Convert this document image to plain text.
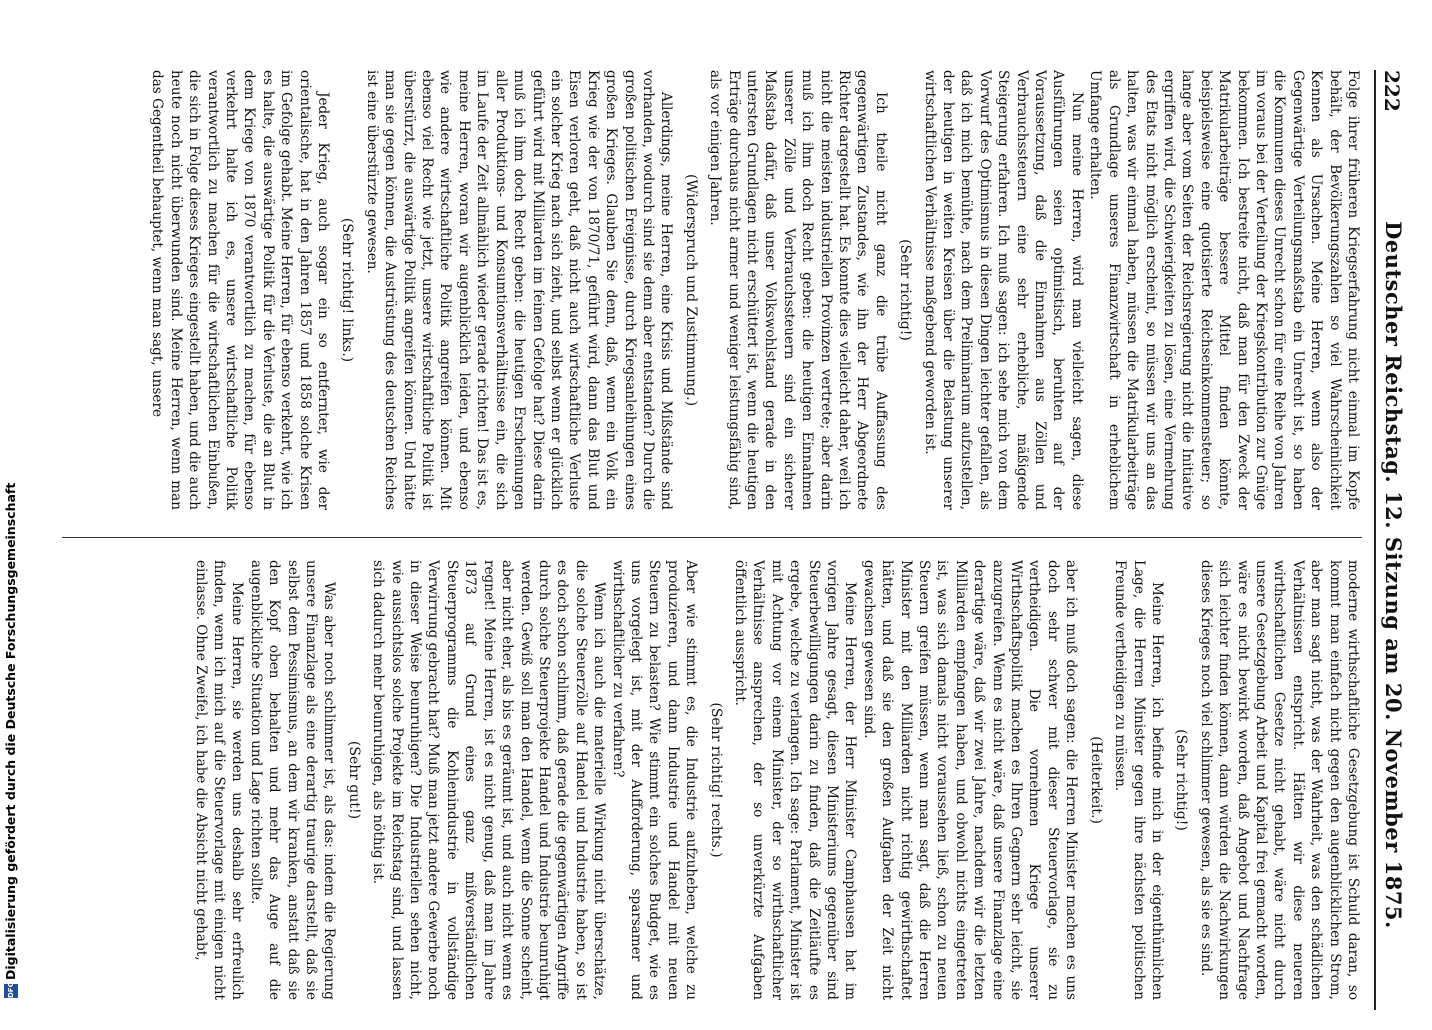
222
Deutscher Reichstag. 12. Sitzung am 20. November 1875.

Folge ihrer früheren Kriegserfahrung nicht einmal im Kopfe behält, der Bevölkerungszahlen so viel Wahrscheinlichkeit Kennen als Ursachen. Meine Herren, wenn also der Gegenwärtige Verteilungsmaßstab ein Unrecht ist, so haben die Kommunen dieses Unrecht schon für eine Reihe von Jahren im voraus bei der Verteilung der Kriegskontribution zur Gnüge bekommen. Ich bestreite nicht, daß man für den Zweck der Matrikularbeiträge bessere Mittel finden könnte, beispielsweise eine quotisierte Reichseinkommensteuer; so lange aber vom Seiten der Reichsregierung nicht die Initiative ergriffen wird, die Schwierigkeiten zu lösen, eine Vermehrung des Etats nicht möglich erscheint, so müssen wir uns an das halten, was wir einmal haben, müssen die Matrikularbeiträge als Grundlage unseres Finanzwirtschaft in erheblichem Umfange erhalten.

Nun meine Herren, wird man vielleicht sagen, diese Ausführungen seien optimistisch, beruhten auf der Voraussetzung, daß die Einnahmen aus Zöllen und Verbrauchssteuern eine sehr erhebliche, mäßigende Steigerung erfahren. Ich muß sagen: ich sehe mich von dem Vorwurf des Optimismus in diesen Dingen leichter gefallen, als daß ich mich bemühte, nach dem Preliminarium aufzustellen, der heutigen in weiten Kreisen über die Belastung unserer wirtschaftlichen Verhältnisse maßgebend geworden ist.

(Sehr richtig!)

Ich theile nicht ganz die trübe Auffassung des gegenwärtigen Zustandes, wie ihn der Herr Abgeordnete Richter dargestellt hat. Es konnte dies vielleicht daher, weil ich nicht die meisten industriellen Provinzen vertrete; aber darin muß ich ihm doch Recht geben: die heutigen Einnahmen unserer Zölle und Verbrauchssteuern sind ein sicherer Maßstab dafür, daß unser Volkswohlstand gerade in den untersten Grundlagen nicht erschüttert ist, wenn die heutigen Erträge durchaus nicht armer und weniger leistungsfähig sind, als vor einigen Jahren.

(Widerspruch und Zustimmung.)

Allerdings, meine Herren, eine Krisis und Mißstände sind vorhanden, wodurch sind sie denn aber entstanden? Durch die großen politischen Ereignisse, durch Kriegsanleihungen eines großen Krieges. Glauben Sie denn, daß, wenn ein Volk ein Krieg wie der von 1870/71, geführt wird, dann das Blut und Eisen verloren geht, daß nicht auch wirtschaftliche Verluste ein solcher Krieg nach sich zieht, und selbst wenn er glücklich geführt wird mit Milliarden im feinen Gefolge hat? Diese darin muß ich ihm doch Recht geben: die heutigen Erscheinungen aller Produktions- und Konsumtionsverhältnisse ein, die sich im Laufe der Zeit allmählich wieder gerade richten! Das ist es, meine Herren, woran wir augenblicklich leiden, und ebenso wie andere wirtschaftliche Politik angreifen können. Mit ebenso viel Recht wie jetzt, unsere wirtschaftliche Politik ist überstürzt, die auswärtige Politik angreifen können. Und hätte man sie gegen können, die Austrüstung des deutschen Reiches ist eine überstürzte gewesen.

(Sehr richtig! links.)

Jeder Krieg, auch sogar ein so entfernter, wie der orientalische, hat in den Jahren 1857 und 1858 solche Krisen im Gefolge gehabt. Meine Herren, für ebenso verkehrt, wie ich es halte, die auswärtige Politik für die Verluste, die an Blut in dem Kriege von 1870 verantwortlich zu machen, für ebenso verkehrt halte ich es, unsere wirtschaftliche Politik verantwortlich zu machen für die wirtschaftlichen Einbußen, die sich in Folge dieses Krieges eingestellt haben, und die auch heute noch nicht überwunden sind. Meine Herren, wenn man das Gegentheil behauptet, wenn man sagt, unsere

moderne wirthschaftliche Gesetzgebung ist Schuld daran, so kommt man einfach nicht gegen den augenblicklichen Strom, aber man sagt nicht, was der Wahrheit, was den schädlichen Verhältnissen entspricht. Hätten wir diese neueren wirthschaftlichen Gesetze nicht gehabt, wäre nicht durch unsere Gesetzgebung Arbeit und Kapital frei gemacht worden, wäre es nicht bewirkt worden, daß Angebot und Nachfrage sich leichter finden können, dann würden die Nachwirkungen dieses Krieges noch viel schlimmer gewesen, als sie es sind.

(Sehr richtig!)

Meine Herren, ich befinde mich in der eigenthümlichen Lage, die Herren Minister gegen ihre nächsten politischen Freunde vertheidigen zu müssen.

(Heiterkeit.)

aber ich muß doch sagen: die Herren Minister machen es uns doch sehr schwer mit dieser Steuervorlage, sie zu vertheidigen. Die vornehmen Kriege unserer Wirthschaftspolitik machen es Ihren Gegnern sehr leicht, sie anzugreifen. Wenn es nicht wäre, daß unsere Finanzlage eine derartige wäre, daß wir zwei Jahre, nachdem wir die letzten Milliarden empfangen haben, und obwohl nichts eingetreten ist, was sich damals nicht voraussehen ließ, schon zu neuen Steuern greifen müssen, wenn man sagt, daß die Herren Minister mit den Milliarden nicht richtig gewirthschaftet hätten, und daß sie den großen Aufgaben der Zeit nicht gewachsen gewesen sind.

Meine Herren, der Herr Minister Camphausen hat im vorigen Jahre gesagt, diesen Ministeriums gegenüber sind Steuerbewilligungen darin zu finden, daß die Zeitläufte es ergebe, welche zu verlangen. Ich sage: Parlament, Minister ist mit Achtung vor einem Minister, der so wirthschaftlicher Verhältnisse ansprechen, der so unverkürzte Aufgaben öffentlich ausspricht.

(Sehr richtig! rechts.)

Aber wie stimmt es, die Industrie aufzuheben, welche zu produzieren, und dann Industrie und Handel mit neuen Steuern zu belasten? Wie stimmt ein solches Budget, wie es uns vorgelegt ist, mit der Aufforderung, sparsamer und wirthschaftlicher zu verfahren?

Wenn ich auch die materielle Wirkung nicht überschätze, die solche Steuerzölle auf Handel und Industrie haben, so ist es doch schon schlimm, daß gerade die gegenwärtigen Angriffe durch solche Steuerprojekte Handel und Industrie beunruhigt werden. Gewiß soll man den Handel, wenn die Sonne scheint, aber nicht eher, als bis es geräumt ist, und auch nicht wenn es regnet! Meine Herren, ist es nicht genug, daß man im Jahre 1873 auf Grund eines ganz mißverständlichen Steuerprogramms die Kohlenindustrie in vollständige Verwirrung gebracht hat? Muß man jetzt andere Gewerbe noch in dieser Weise beunruhigen? Die Industriellen sehen nicht, wie aussichtslos solche Projekte im Reichstag sind, und lassen sich dadurch mehr beunruhigen, als nöthig ist.

(Sehr gut!)

Was aber noch schlimmer ist, als das: indem die Regierung unsere Finanzlage als eine derartig traurige darstellt, daß sie selbst dem Pessimismus, an dem wir kranken, anstatt daß sie den Kopf oben behalten und mehr das Auge auf die augenblickliche Situation und Lage richten sollte.

Meine Herren, sie werden uns deshalb sehr erfreulich finden, wenn ich mich auf die Steuervorlage mit einigen nicht einlasse. Ohne Zweifel, ich habe die Absicht nicht gehabt,

DFG
Digitalisierung gefördert durch die Deutsche Forschungsgemeinschaft
